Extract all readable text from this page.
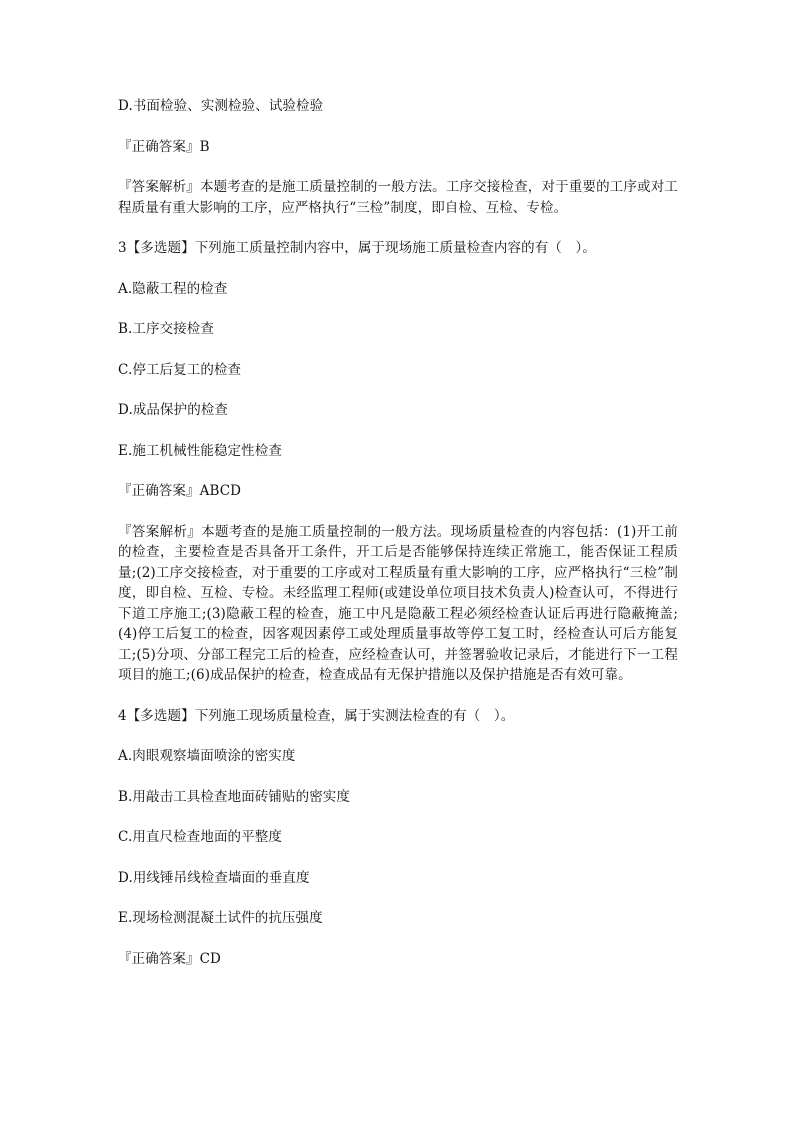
D.书面检验、实测检验、试验检验

『正确答案』B

『答案解析』本题考查的是施工质量控制的一般方法。工序交接检查，对于重要的工序或对工程质量有重大影响的工序，应严格执行“三检”制度，即自检、互检、专检。

3【多选题】下列施工质量控制内容中，属于现场施工质量检查内容的有（　）。

A.隐蔽工程的检查

B.工序交接检查

C.停工后复工的检查

D.成品保护的检查

E.施工机械性能稳定性检查

『正确答案』ABCD

『答案解析』本题考查的是施工质量控制的一般方法。现场质量检查的内容包括：(1)开工前的检查，主要检查是否具备开工条件，开工后是否能够保持连续正常施工，能否保证工程质量;(2)工序交接检查，对于重要的工序或对工程质量有重大影响的工序，应严格执行“三检”制度，即自检、互检、专检。未经监理工程师(或建设单位项目技术负责人)检查认可，不得进行下道工序施工;(3)隐蔽工程的检查，施工中凡是隐蔽工程必须经检查认证后再进行隐蔽掩盖;(4)停工后复工的检查，因客观因素停工或处理质量事故等停工复工时，经检查认可后方能复工;(5)分项、分部工程完工后的检查，应经检查认可，并签署验收记录后，才能进行下一工程项目的施工;(6)成品保护的检查，检查成品有无保护措施以及保护措施是否有效可靠。

4【多选题】下列施工现场质量检查，属于实测法检查的有（　）。

A.肉眼观察墙面喷涂的密实度

B.用敲击工具检查地面砖铺贴的密实度

C.用直尺检查地面的平整度

D.用线锤吊线检查墙面的垂直度

E.现场检测混凝土试件的抗压强度

『正确答案』CD
